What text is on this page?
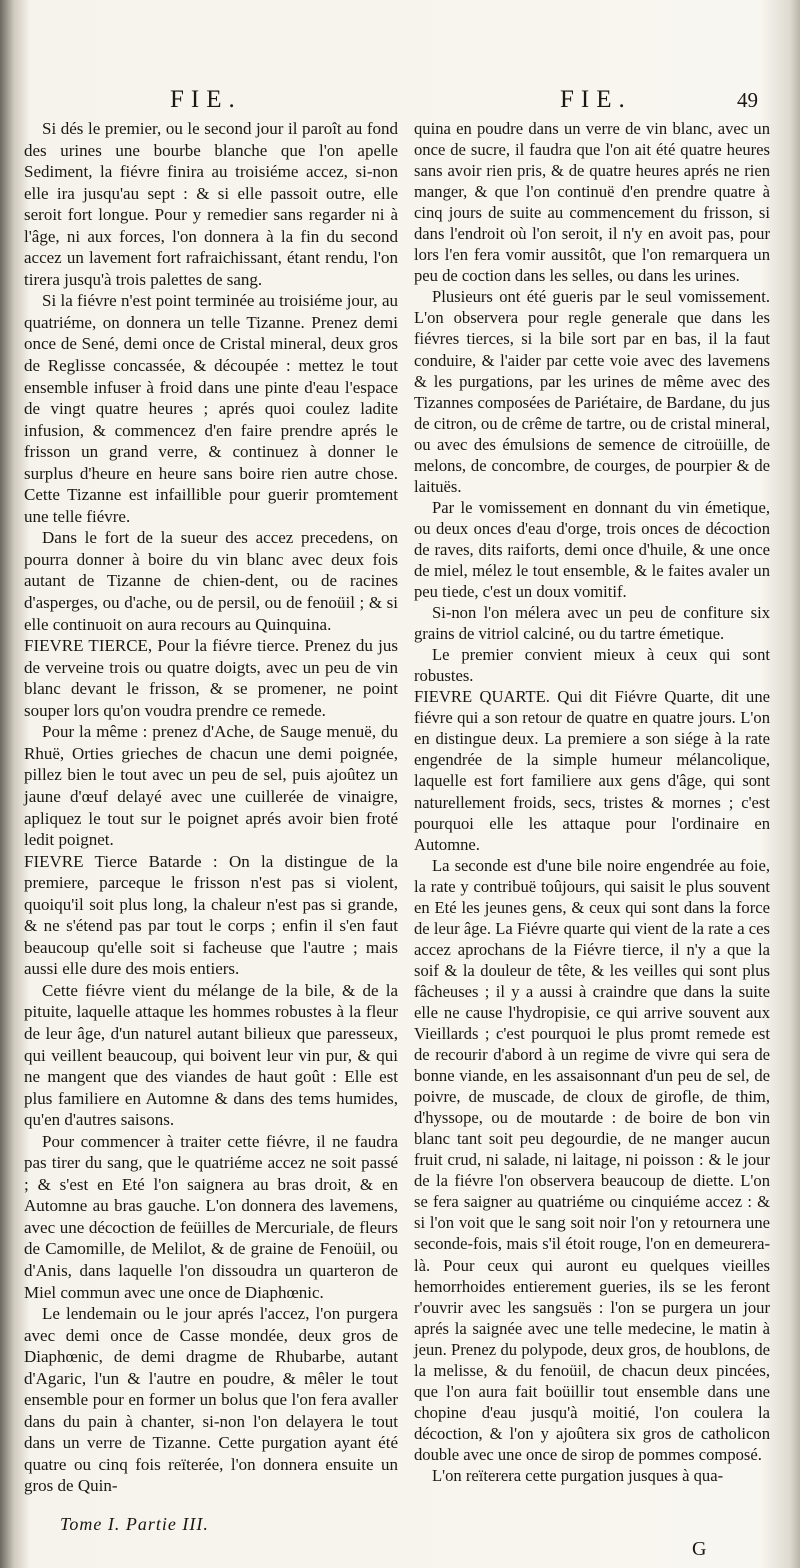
FIE.	FIE.	49

Si dés le premier, ou le second jour il paroît au fond des urines une bourbe blanche que l'on apelle Sediment, la fiévre finira au troisiéme accez, si-non elle ira jusqu'au sept : & si elle passoit outre, elle seroit fort longue. Pour y remedier sans regarder ni à l'âge, ni aux forces, l'on donnera à la fin du second accez un lavement fort rafraichissant, étant rendu, l'on tirera jusqu'à trois palettes de sang.

Si la fiévre n'est point terminée au troisiéme jour, au quatriéme, on donnera un telle Tizanne. Prenez demi once de Sené, demi once de Cristal mineral, deux gros de Reglisse concassée, & découpée : mettez le tout ensemble infuser à froid dans une pinte d'eau l'espace de vingt quatre heures ; aprés quoi coulez ladite infusion, & commencez d'en faire prendre aprés le frisson un grand verre, & continuez à donner le surplus d'heure en heure sans boire rien autre chose. Cette Tizanne est infaillible pour guerir promtement une telle fiévre.

Dans le fort de la sueur des accez precedens, on pourra donner à boire du vin blanc avec deux fois autant de Tizanne de chien-dent, ou de racines d'asperges, ou d'ache, ou de persil, ou de fenoüil ; & si elle continuoit on aura recours au Quinquina.

FIEVRE TIERCE, Pour la fiévre tierce. Prenez du jus de verveine trois ou quatre doigts, avec un peu de vin blanc devant le frisson, & se promener, ne point souper lors qu'on voudra prendre ce remede.

Pour la même : prenez d'Ache, de Sauge menuë, du Rhuë, Orties grieches de chacun une demi poignée, pillez bien le tout avec un peu de sel, puis ajoûtez un jaune d'œuf delayé avec une cuillerée de vinaigre, apliquez le tout sur le poignet aprés avoir bien froté ledit poignet.

FIEVRE Tierce Batarde : On la distingue de la premiere, parceque le frisson n'est pas si violent, quoiqu'il soit plus long, la chaleur n'est pas si grande, & ne s'étend pas par tout le corps ; enfin il s'en faut beaucoup qu'elle soit si facheuse que l'autre ; mais aussi elle dure des mois entiers.

Cette fiévre vient du mélange de la bile, & de la pituite, laquelle attaque les hommes robustes à la fleur de leur âge, d'un naturel autant bilieux que paresseux, qui veillent beaucoup, qui boivent leur vin pur, & qui ne mangent que des viandes de haut goût : Elle est plus familiere en Automne & dans des tems humides, qu'en d'autres saisons.

Pour commencer à traiter cette fiévre, il ne faudra pas tirer du sang, que le quatriéme accez ne soit passé ; & s'est en Eté l'on saignera au bras droit, & en Automne au bras gauche. L'on donnera des lavemens, avec une décoction de feüilles de Mercuriale, de fleurs de Camomille, de Melilot, & de graine de Fenoüil, ou d'Anis, dans laquelle l'on dissoudra un quarteron de Miel commun avec une once de Diaphœnic.

Le lendemain ou le jour aprés l'accez, l'on purgera avec demi once de Casse mondée, deux gros de Diaphœnic, de demi dragme de Rhubarbe, autant d'Agaric, l'un & l'autre en poudre, & mêler le tout ensemble pour en former un bolus que l'on fera avaller dans du pain à chanter, si-non l'on delayera le tout dans un verre de Tizanne. Cette purgation ayant été quatre ou cinq fois reïterée, l'on donnera ensuite un gros de Quin-

quina en poudre dans un verre de vin blanc, avec un once de sucre, il faudra que l'on ait été quatre heures sans avoir rien pris, & de quatre heures aprés ne rien manger, & que l'on continuë d'en prendre quatre à cinq jours de suite au commencement du frisson, si dans l'endroit où l'on seroit, il n'y en avoit pas, pour lors l'en fera vomir aussitôt, que l'on remarquera un peu de coction dans les selles, ou dans les urines.

Plusieurs ont été gueris par le seul vomissement. L'on observera pour regle generale que dans les fiévres tierces, si la bile sort par en bas, il la faut conduire, & l'aider par cette voie avec des lavemens & les purgations, par les urines de même avec des Tizannes composées de Pariétaire, de Bardane, du jus de citron, ou de crême de tartre, ou de cristal mineral, ou avec des émulsions de semence de citroüille, de melons, de concombre, de courges, de pourpier & de laituës.

Par le vomissement en donnant du vin émetique, ou deux onces d'eau d'orge, trois onces de décoction de raves, dits raiforts, demi once d'huile, & une once de miel, mélez le tout ensemble, & le faites avaler un peu tiede, c'est un doux vomitif.

Si-non l'on mélera avec un peu de confiture six grains de vitriol calciné, ou du tartre émetique.

Le premier convient mieux à ceux qui sont robustes.

FIEVRE QUARTE. Qui dit Fiévre Quarte, dit une fiévre qui a son retour de quatre en quatre jours. L'on en distingue deux. La premiere a son siége à la rate engendrée de la simple humeur mélancolique, laquelle est fort familiere aux gens d'âge, qui sont naturellement froids, secs, tristes & mornes ; c'est pourquoi elle les attaque pour l'ordinaire en Automne.

La seconde est d'une bile noire engendrée au foie, la rate y contribuë toûjours, qui saisit le plus souvent en Eté les jeunes gens, & ceux qui sont dans la force de leur âge. La Fiévre quarte qui vient de la rate a ces accez aprochans de la Fiévre tierce, il n'y a que la soif & la douleur de tête, & les veilles qui sont plus fâcheuses ; il y a aussi à craindre que dans la suite elle ne cause l'hydropisie, ce qui arrive souvent aux Vieillards ; c'est pourquoi le plus promt remede est de recourir d'abord à un regime de vivre qui sera de bonne viande, en les assaisonnant d'un peu de sel, de poivre, de muscade, de cloux de girofle, de thim, d'hyssope, ou de moutarde : de boire de bon vin blanc tant soit peu degourdie, de ne manger aucun fruit crud, ni salade, ni laitage, ni poisson : & le jour de la fiévre l'on observera beaucoup de diette. L'on se fera saigner au quatriéme ou cinquiéme accez : & si l'on voit que le sang soit noir l'on y retournera une seconde-fois, mais s'il étoit rouge, l'on en demeurera-là. Pour ceux qui auront eu quelques vieilles hemorrhoides entierement gueries, ils se les feront r'ouvrir avec les sangsuës : l'on se purgera un jour aprés la saignée avec une telle medecine, le matin à jeun. Prenez du polypode, deux gros, de houblons, de la melisse, & du fenoüil, de chacun deux pincées, que l'on aura fait boüillir tout ensemble dans une chopine d'eau jusqu'à moitié, l'on coulera la décoction, & l'on y ajoûtera six gros de catholicon double avec une once de sirop de pommes composé.

L'on reïterera cette purgation jusques à qua-

Tome I. Partie III.
G
